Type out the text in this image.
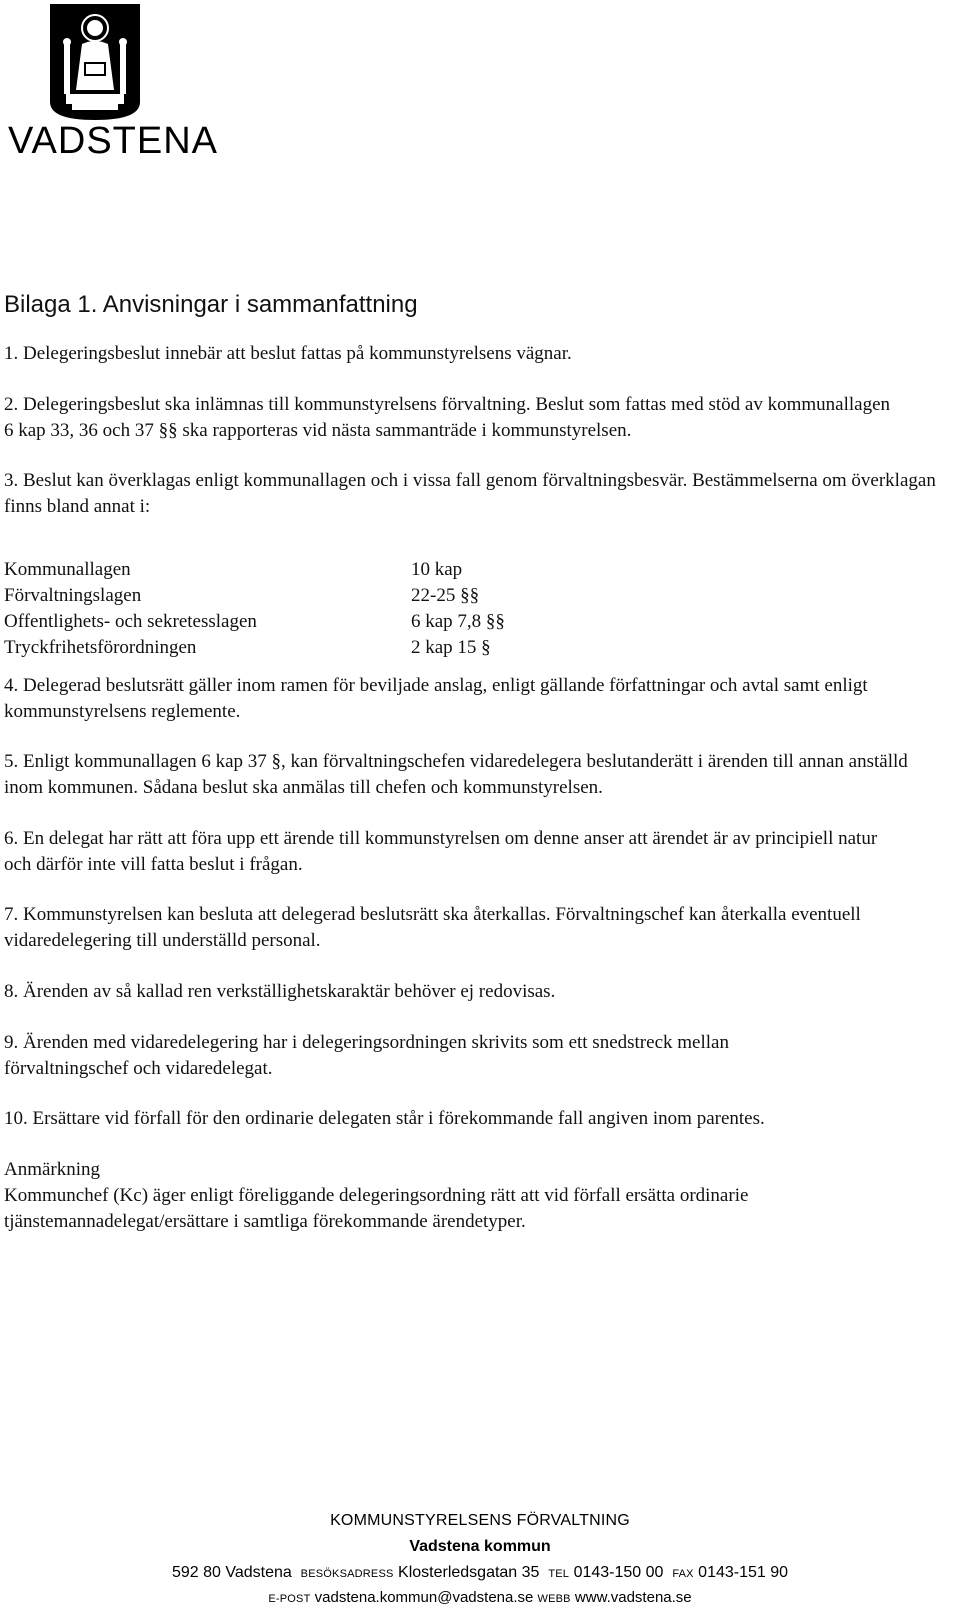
VADSTENA
Bilaga 1. Anvisningar i sammanfattning

1. Delegeringsbeslut innebär att beslut fattas på kommunstyrelsens vägnar.

2. Delegeringsbeslut ska inlämnas till kommunstyrelsens förvaltning. Beslut som fattas med stöd av kommunallagen 6 kap 33, 36 och 37 §§ ska rapporteras vid nästa sammanträde i kommunstyrelsen.

3. Beslut kan överklagas enligt kommunallagen och i vissa fall genom förvaltningsbesvär. Bestämmelserna om överklagan finns bland annat i:

Kommunallagen	10 kap
Förvaltningslagen	22-25 §§
Offentlighets- och sekretesslagen	6 kap 7,8 §§
Tryckfrihetsförordningen	2 kap 15 §

4. Delegerad beslutsrätt gäller inom ramen för beviljade anslag, enligt gällande författningar och avtal samt enligt kommunstyrelsens reglemente.

5. Enligt kommunallagen 6 kap 37 §, kan förvaltningschefen vidaredelegera beslutanderätt i ärenden till annan anställd inom kommunen. Sådana beslut ska anmälas till chefen och kommunstyrelsen.

6. En delegat har rätt att föra upp ett ärende till kommunstyrelsen om denne anser att ärendet är av principiell natur och därför inte vill fatta beslut i frågan.

7. Kommunstyrelsen kan besluta att delegerad beslutsrätt ska återkallas. Förvaltningschef kan återkalla eventuell vidaredelegering till underställd personal.

8. Ärenden av så kallad ren verkställighetskaraktär behöver ej redovisas.

9. Ärenden med vidaredelegering har i delegeringsordningen skrivits som ett snedstreck mellan förvaltningschef och vidaredelegat.

10. Ersättare vid förfall för den ordinarie delegaten står i förekommande fall angiven inom parentes.

Anmärkning

Kommunchef (Kc) äger enligt föreliggande delegeringsordning rätt att vid förfall ersätta ordinarie tjänstemannadelegat/ersättare i samtliga förekommande ärendetyper.

KOMMUNSTYRELSENS FÖRVALTNING
Vadstena kommun
592 80 Vadstena BESÖKSADRESS Klosterledsgatan 35 TEL 0143-150 00 FAX 0143-151 90
E-POST vadstena.kommun@vadstena.se WEBB www.vadstena.se
